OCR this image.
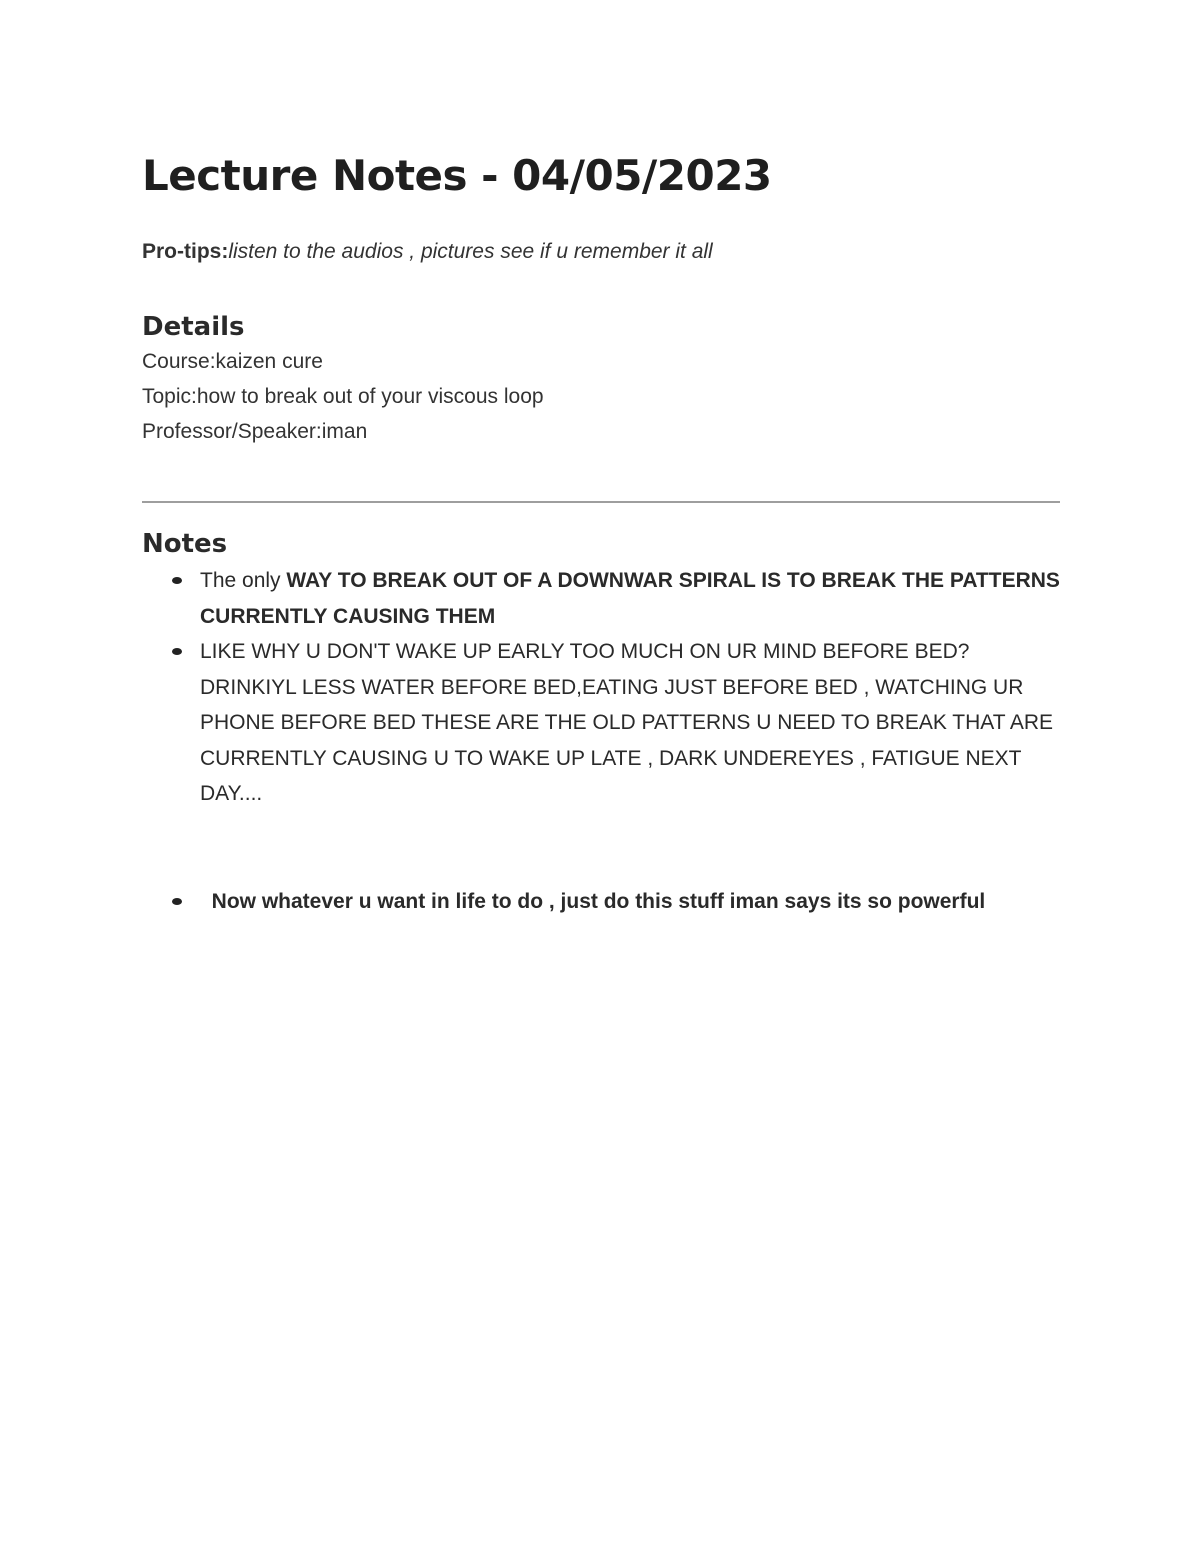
Lecture Notes - 04/05/2023
Pro-tips:listen to the audios , pictures see if u remember it all
Details

Course:kaizen cure

Topic:how to break out of your viscous loop

Professor/Speaker:iman

Notes
The only WAY TO BREAK OUT OF A DOWNWAR SPIRAL IS TO BREAK THE PATTERNS CURRENTLY CAUSING THEM
LIKE WHY U DON'T WAKE UP EARLY TOO MUCH ON UR MIND BEFORE BED? DRINKIYL LESS WATER BEFORE BED,EATING JUST BEFORE BED , WATCHING UR PHONE BEFORE BED THESE ARE THE OLD PATTERNS U NEED TO BREAK THAT ARE CURRENTLY CAUSING U TO WAKE UP LATE , DARK UNDEREYES , FATIGUE NEXT DAY....
Now whatever u want in life to do , just do this stuff iman says its so powerful
